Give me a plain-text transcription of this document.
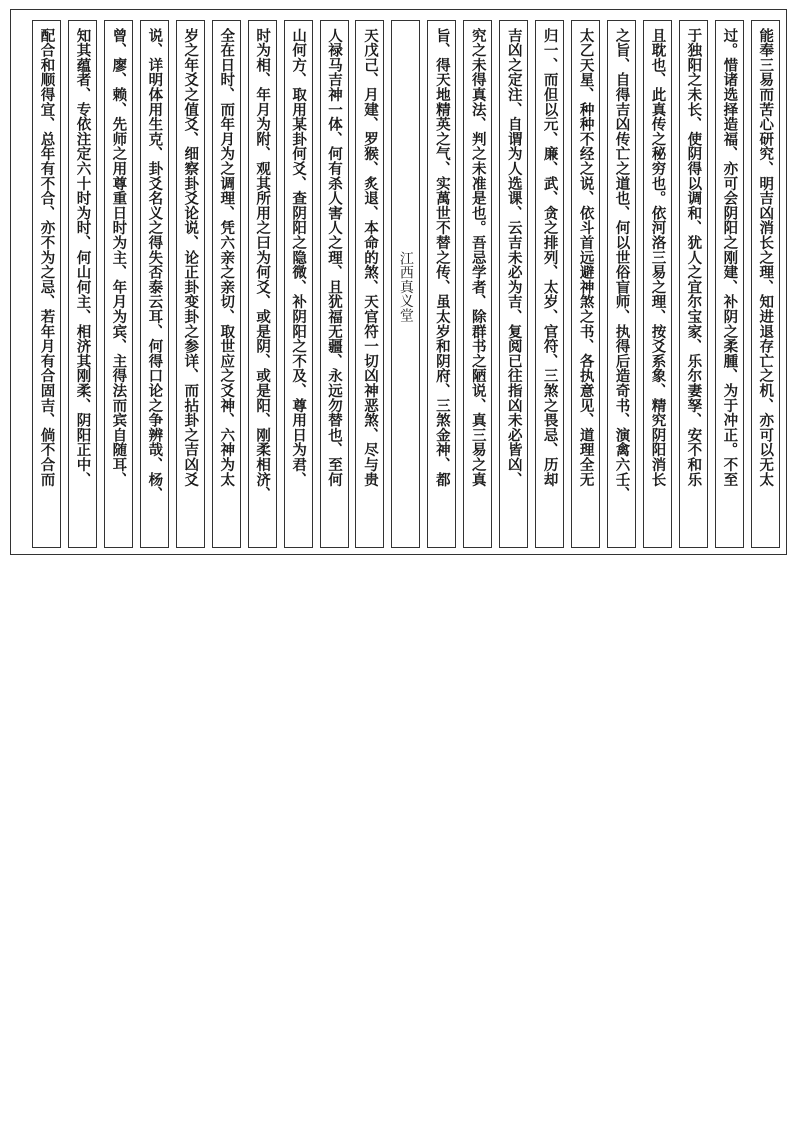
能奉三易而苦心研究、明吉凶消长之理、知进退存亡之机、亦可以无太
过。惜诸选择造福、亦可会阴阳之刚建、补阴之柔腫、为于冲正。不至
于独阳之未长、使阴得以调和、犹人之宜尔宝家、乐尔妻孥、安不和乐
且耽也、此真传之秘穷也。依河洛三易之理、按爻系象、精究阴阳消长
之旨、自得吉凶传亡之道也、何以世俗盲师、执得后造奇书、演禽六壬、
太乙天星、种种不经之说、依斗首远避神煞之书、各执意见、道理全无
归一、而但以元、廉、武、贪之排列、太岁、官符、三煞之畏忌、历却
吉凶之定注、自谓为人选课、云吉未必为吉、复阅已往指凶未必皆凶、
究之未得真法、判之未准是也。吾忌学者、除群书之陋说、真三易之真
旨、得天地精英之气、实萬世不替之传、虽太岁和阴府、三煞金神、都
江西真义堂
天戊己、月建、罗猴、炙退、本命的煞、天官符一切凶神恶煞、尽与贵
人禄马吉神一体、何有杀人害人之理、且犹福无疆、永远勿替也、至何
山何方、取用某卦何爻、查阴阳之隐微、补阴阳之不及、尊用日为君、
时为相、年月为附、观其所用之曰为何爻、或是阴、或是阳、刚柔相济、
全在日时、而年月为之调理、凭六亲之亲切、取世应之爻神、六神为太
岁之年爻之值爻、细察卦爻论说、论正卦变卦之参详、而拈卦之吉凶爻
说、详明体用生克、卦爻名义之得失否泰云耳、何得口论之争辨哉、杨、
曾、廖、赖、先师之用尊重日时为主、年月为宾、主得法而宾自随耳、
知其蕴者、专依注定六十时为时、何山何主、相济其刚柔、阴阳正中、
配合和顺得宜、总年有不合、亦不为之忌、若年月有合固吉、倘不合而
